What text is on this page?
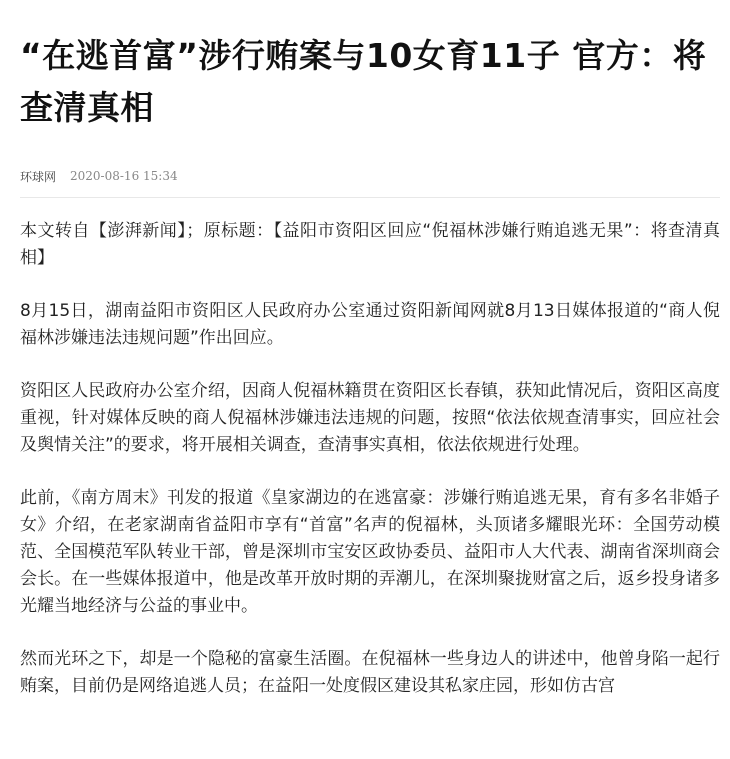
“在逃首富”涉行贿案与10女育11子 官方：将查清真相
环球网 2020-08-16 15:34

本文转自【澎湃新闻】；原标题：【益阳市资阳区回应“倪福林涉嫌行贿追逃无果”：将查清真相】

8月15日，湖南益阳市资阳区人民政府办公室通过资阳新闻网就8月13日媒体报道的“商人倪福林涉嫌违法违规问题”作出回应。

资阳区人民政府办公室介绍，因商人倪福林籍贯在资阳区长春镇，获知此情况后，资阳区高度重视，针对媒体反映的商人倪福林涉嫌违法违规的问题，按照“依法依规查清事实，回应社会及舆情关注”的要求，将开展相关调查，查清事实真相，依法依规进行处理。

此前，《南方周末》刊发的报道《皇家湖边的在逃富豪：涉嫌行贿追逃无果，育有多名非婚子女》介绍，在老家湖南省益阳市享有“首富”名声的倪福林，头顶诸多耀眼光环：全国劳动模范、全国模范军队转业干部，曾是深圳市宝安区政协委员、益阳市人大代表、湖南省深圳商会会长。在一些媒体报道中，他是改革开放时期的弄潮儿，在深圳聚拢财富之后，返乡投身诸多光耀当地经济与公益的事业中。

然而光环之下，却是一个隐秘的富豪生活圈。在倪福林一些身边人的讲述中，他曾身陷一起行贿案，目前仍是网络追逃人员；在益阳一处度假区建设其私家庄园，形如仿古宫
